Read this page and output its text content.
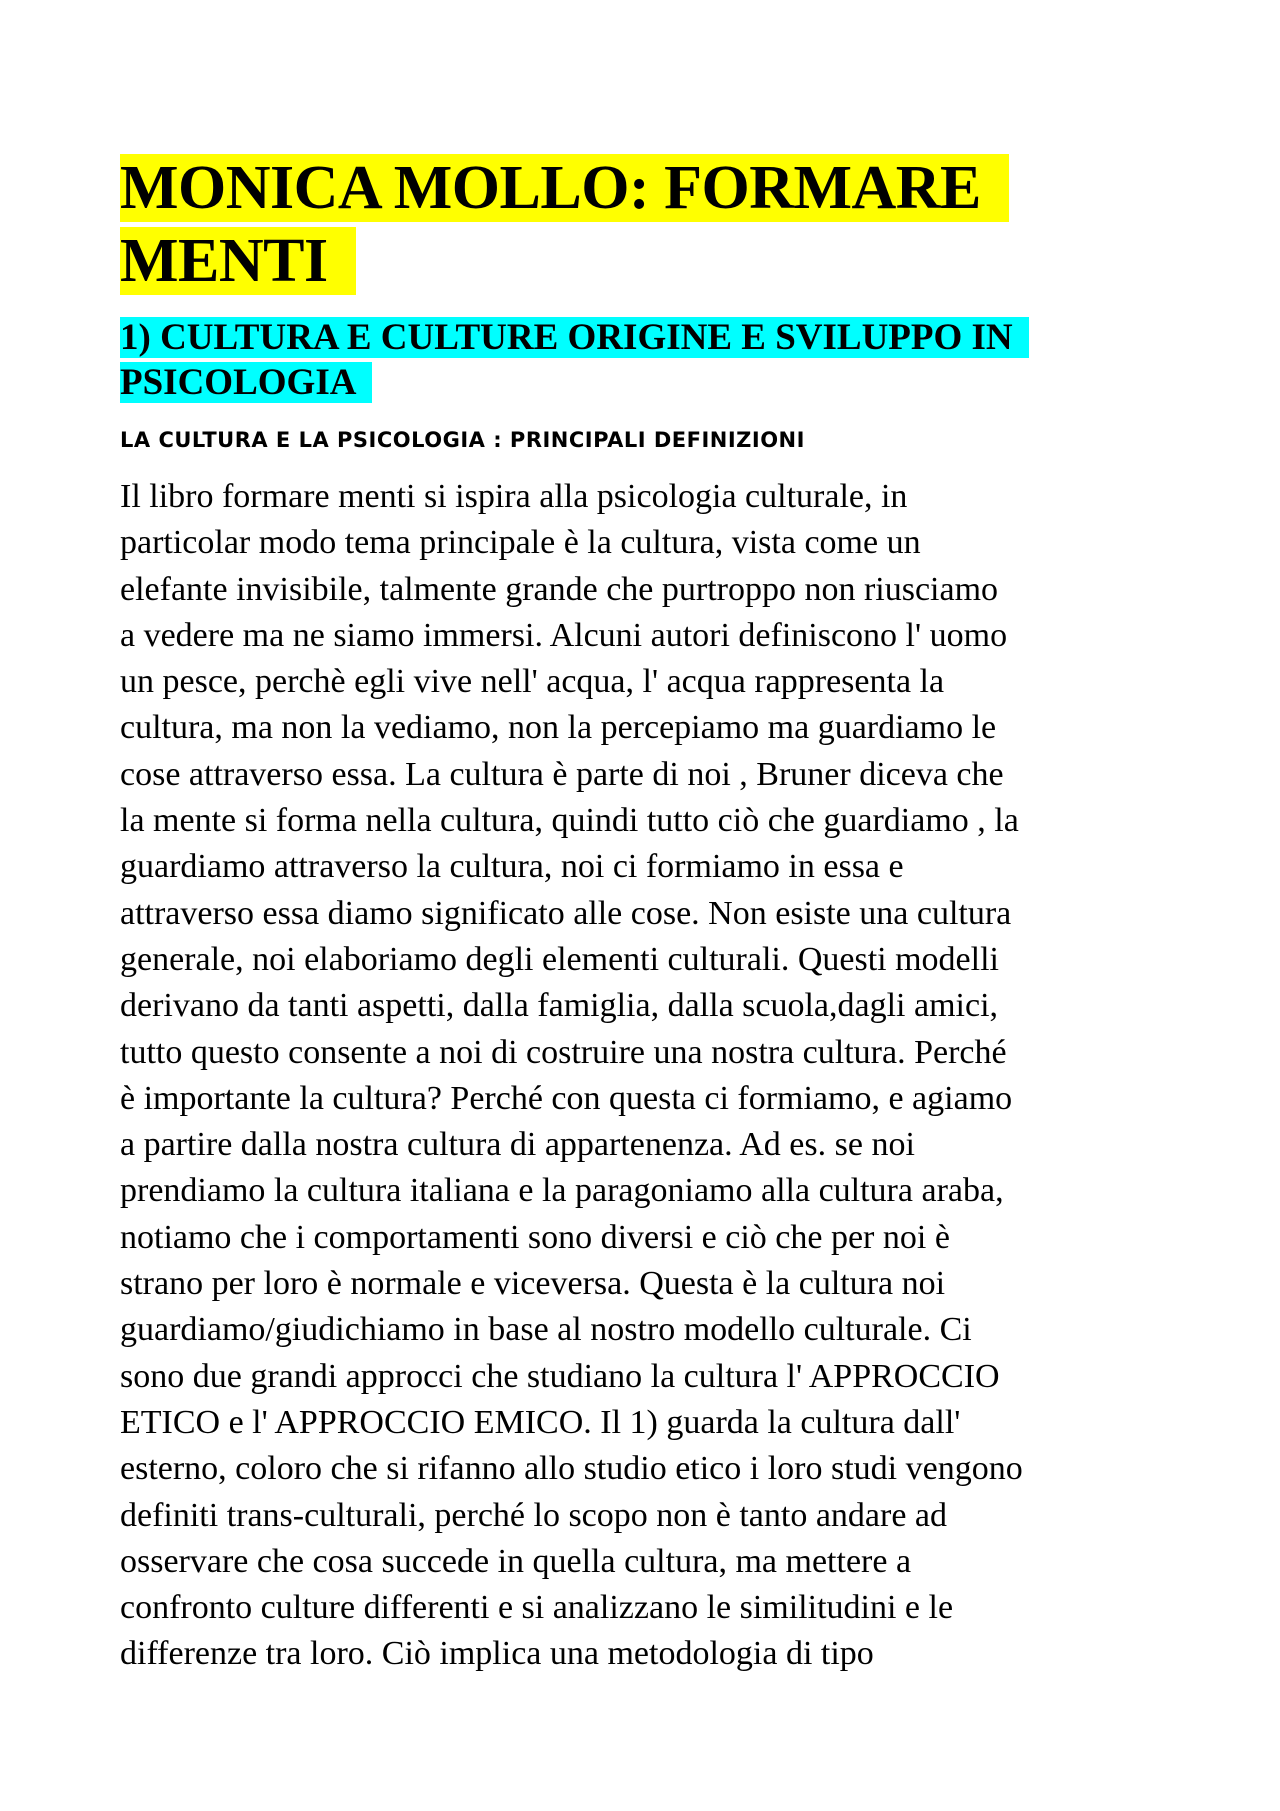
MONICA MOLLO: FORMARE
MENTI
1) CULTURA E CULTURE ORIGINE E SVILUPPO IN
PSICOLOGIA
LA CULTURA E LA PSICOLOGIA : PRINCIPALI DEFINIZIONI
Il libro formare menti si ispira alla psicologia culturale, in
particolar modo tema principale è la cultura, vista come un
elefante invisibile, talmente grande che purtroppo non riusciamo
a vedere ma ne siamo immersi. Alcuni autori definiscono l' uomo
un pesce, perchè egli vive nell' acqua, l' acqua rappresenta la
cultura, ma non la vediamo, non la percepiamo ma guardiamo le
cose attraverso essa. La cultura è parte di noi , Bruner diceva che
la mente si forma nella cultura, quindi tutto ciò che guardiamo , la
guardiamo attraverso la cultura, noi ci formiamo in essa e
attraverso essa diamo significato alle cose. Non esiste una cultura
generale, noi elaboriamo degli elementi culturali. Questi modelli
derivano da tanti aspetti, dalla famiglia, dalla scuola,dagli amici,
tutto questo consente a noi di costruire una nostra cultura. Perché
è importante la cultura? Perché con questa ci formiamo, e agiamo
a partire dalla nostra cultura di appartenenza. Ad es. se noi
prendiamo la cultura italiana e la paragoniamo alla cultura araba,
notiamo che i comportamenti sono diversi e ciò che per noi è
strano per loro è normale e viceversa. Questa è la cultura noi
guardiamo/giudichiamo in base al nostro modello culturale. Ci
sono due grandi approcci che studiano la cultura l' APPROCCIO
ETICO e l' APPROCCIO EMICO. Il 1) guarda la cultura dall'
esterno, coloro che si rifanno allo studio etico i loro studi vengono
definiti trans-culturali, perché lo scopo non è tanto andare ad
osservare che cosa succede in quella cultura, ma mettere a
confronto culture differenti e si analizzano le similitudini e le
differenze tra loro. Ciò implica una metodologia di tipo
